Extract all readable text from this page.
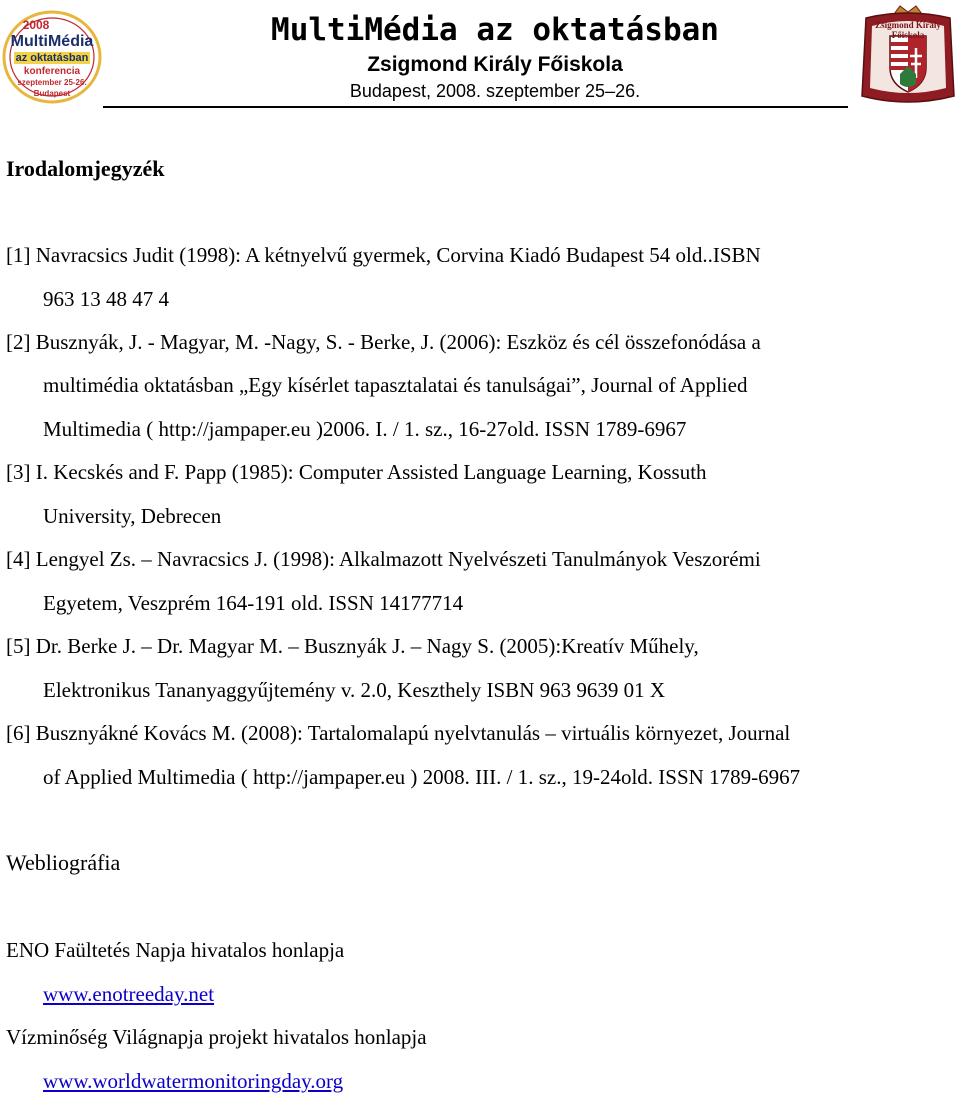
2008
MultiMédia
az oktatásban
konferencia
szeptember 25-26.
Budapest
MultiMédia az oktatásban
Zsigmond Király Főiskola
Budapest, 2008. szeptember 25–26.
Zsigmond Király
Főiskola
Irodalomjegyzék
[1] Navracsics Judit (1998): A kétnyelvű gyermek, Corvina Kiadó Budapest 54 old..ISBN
963 13 48 47 4
[2] Busznyák, J. - Magyar, M. -Nagy, S. - Berke, J. (2006): Eszköz és cél összefonódása a
multimédia oktatásban „Egy kísérlet tapasztalatai és tanulságai”, Journal of Applied
Multimedia ( http://jampaper.eu )2006. I. / 1. sz., 16-27old. ISSN 1789-6967
[3] I. Kecskés and F. Papp (1985): Computer Assisted Language Learning, Kossuth
University, Debrecen
[4] Lengyel Zs. – Navracsics J. (1998): Alkalmazott Nyelvészeti Tanulmányok Veszorémi
Egyetem, Veszprém 164-191 old. ISSN 14177714
[5] Dr. Berke J. – Dr. Magyar M. – Busznyák J. – Nagy S. (2005):Kreatív Műhely,
Elektronikus Tananyaggyűjtemény v. 2.0, Keszthely ISBN 963 9639 01 X
[6] Busznyákné Kovács M. (2008): Tartalomalapú nyelvtanulás – virtuális környezet, Journal
of Applied Multimedia ( http://jampaper.eu ) 2008. III. / 1. sz., 19-24old. ISSN 1789-6967
Webliográfia
ENO Faültetés Napja hivatalos honlapja
www.enotreeday.net
Vízminőség Világnapja projekt hivatalos honlapja
www.worldwatermonitoringday.org
